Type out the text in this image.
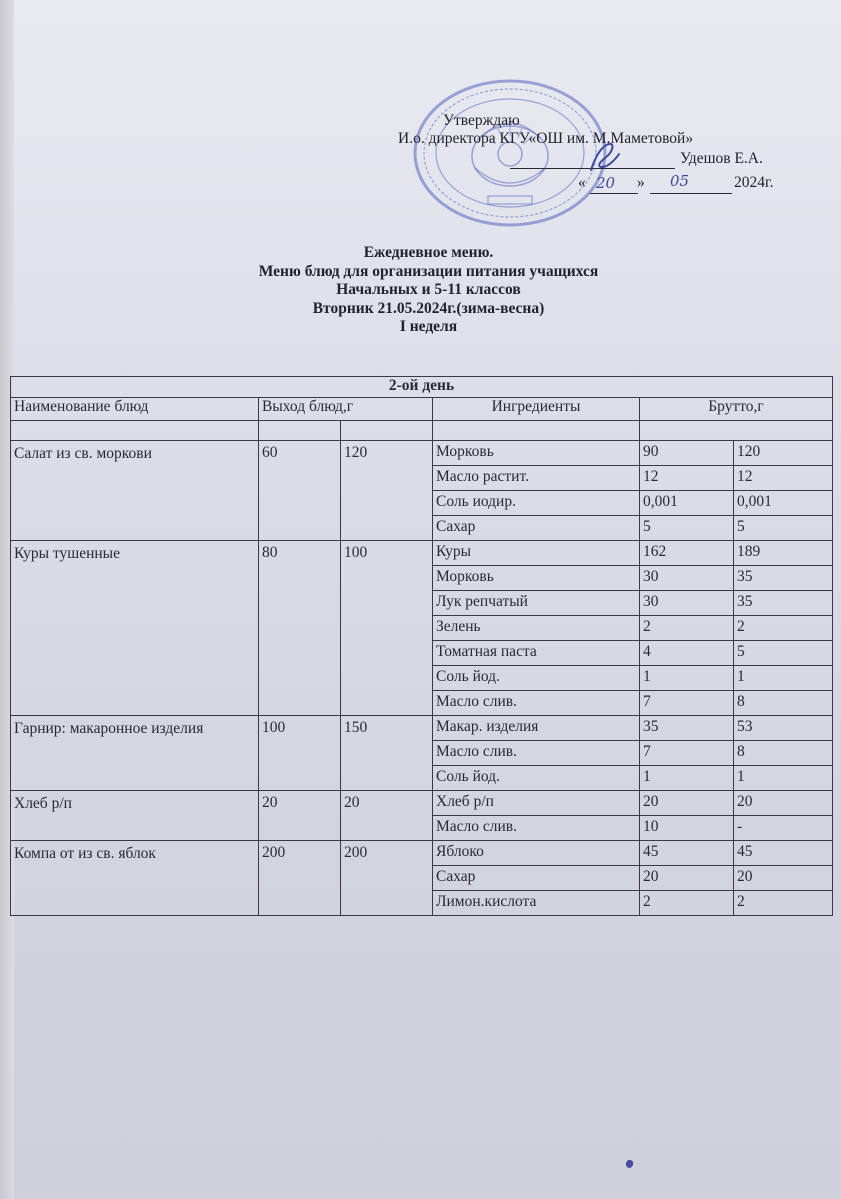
Утверждаю
И.о. директора КГУ«ОШ им. М.Маметовой»
Удешов Е.А.
« 20 » 05	2024г.
Ежедневное меню.
Меню блюд для организации питания учащихся
Начальных и 5-11 классов
Вторник 21.05.2024г.(зима-весна)
I неделя
2-ой день					
Наименование блюд	Выход блюд,г		Ингредиенты	Брутто,г	

Салат из св. моркови	60	120	Морковь	90	120
			Масло растит.	12	12
			Соль иодир.	0,001	0,001
			Сахар	5	5
Куры тушенные	80	100	Куры	162	189
			Морковь	30	35
			Лук репчатый	30	35
			Зелень	2	2
			Томатная паста	4	5
			Соль йод.	1	1
			Масло слив.	7	8
Гарнир: макаронное изделия	100	150	Макар. изделия	35	53
			Масло слив.	7	8
			Соль йод.	1	1
Хлеб р/п	20	20	Хлеб р/п	20	20
			Масло слив.	10	-
Компа от из св. яблок	200	200	Яблоко	45	45
			Сахар	20	20
			Лимон.кислота	2	2
